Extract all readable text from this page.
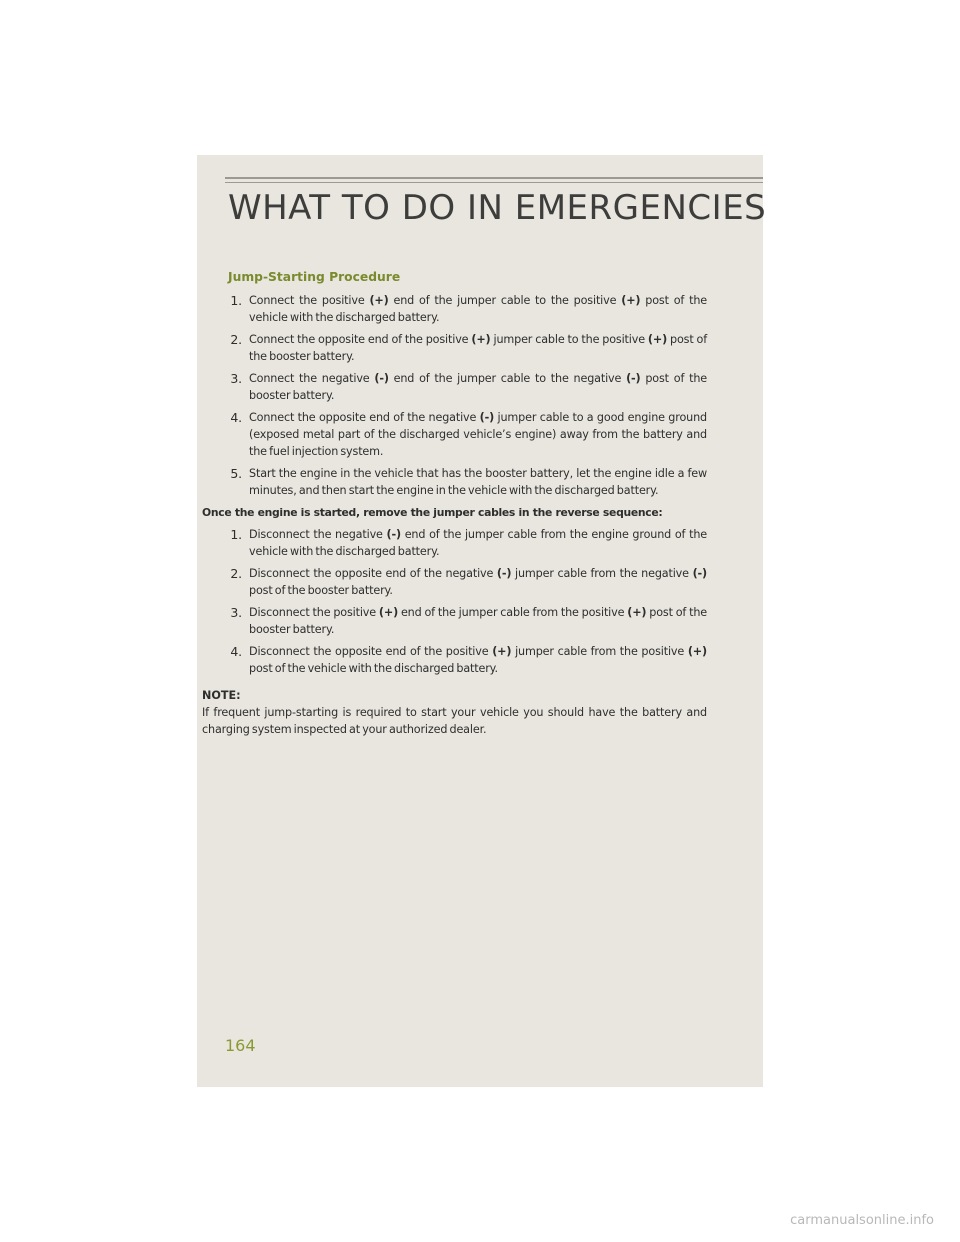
WHAT TO DO IN EMERGENCIES
Jump-Starting Procedure
1. Connect the positive (+) end of the jumper cable to the positive (+) post of the vehicle with the discharged battery.
2. Connect the opposite end of the positive (+) jumper cable to the positive (+) post of the booster battery.
3. Connect the negative (-) end of the jumper cable to the negative (-) post of the booster battery.
4. Connect the opposite end of the negative (-) jumper cable to a good engine ground (exposed metal part of the discharged vehicle’s engine) away from the battery and the fuel injection system.
5. Start the engine in the vehicle that has the booster battery, let the engine idle a few minutes, and then start the engine in the vehicle with the discharged battery.

Once the engine is started, remove the jumper cables in the reverse sequence:

1. Disconnect the negative (-) end of the jumper cable from the engine ground of the vehicle with the discharged battery.
2. Disconnect the opposite end of the negative (-) jumper cable from the negative (-) post of the booster battery.
3. Disconnect the positive (+) end of the jumper cable from the positive (+) post of the booster battery.
4. Disconnect the opposite end of the positive (+) jumper cable from the positive (+) post of the vehicle with the discharged battery.

NOTE:

If frequent jump-starting is required to start your vehicle you should have the battery and charging system inspected at your authorized dealer.

164
carmanualsonline.info
